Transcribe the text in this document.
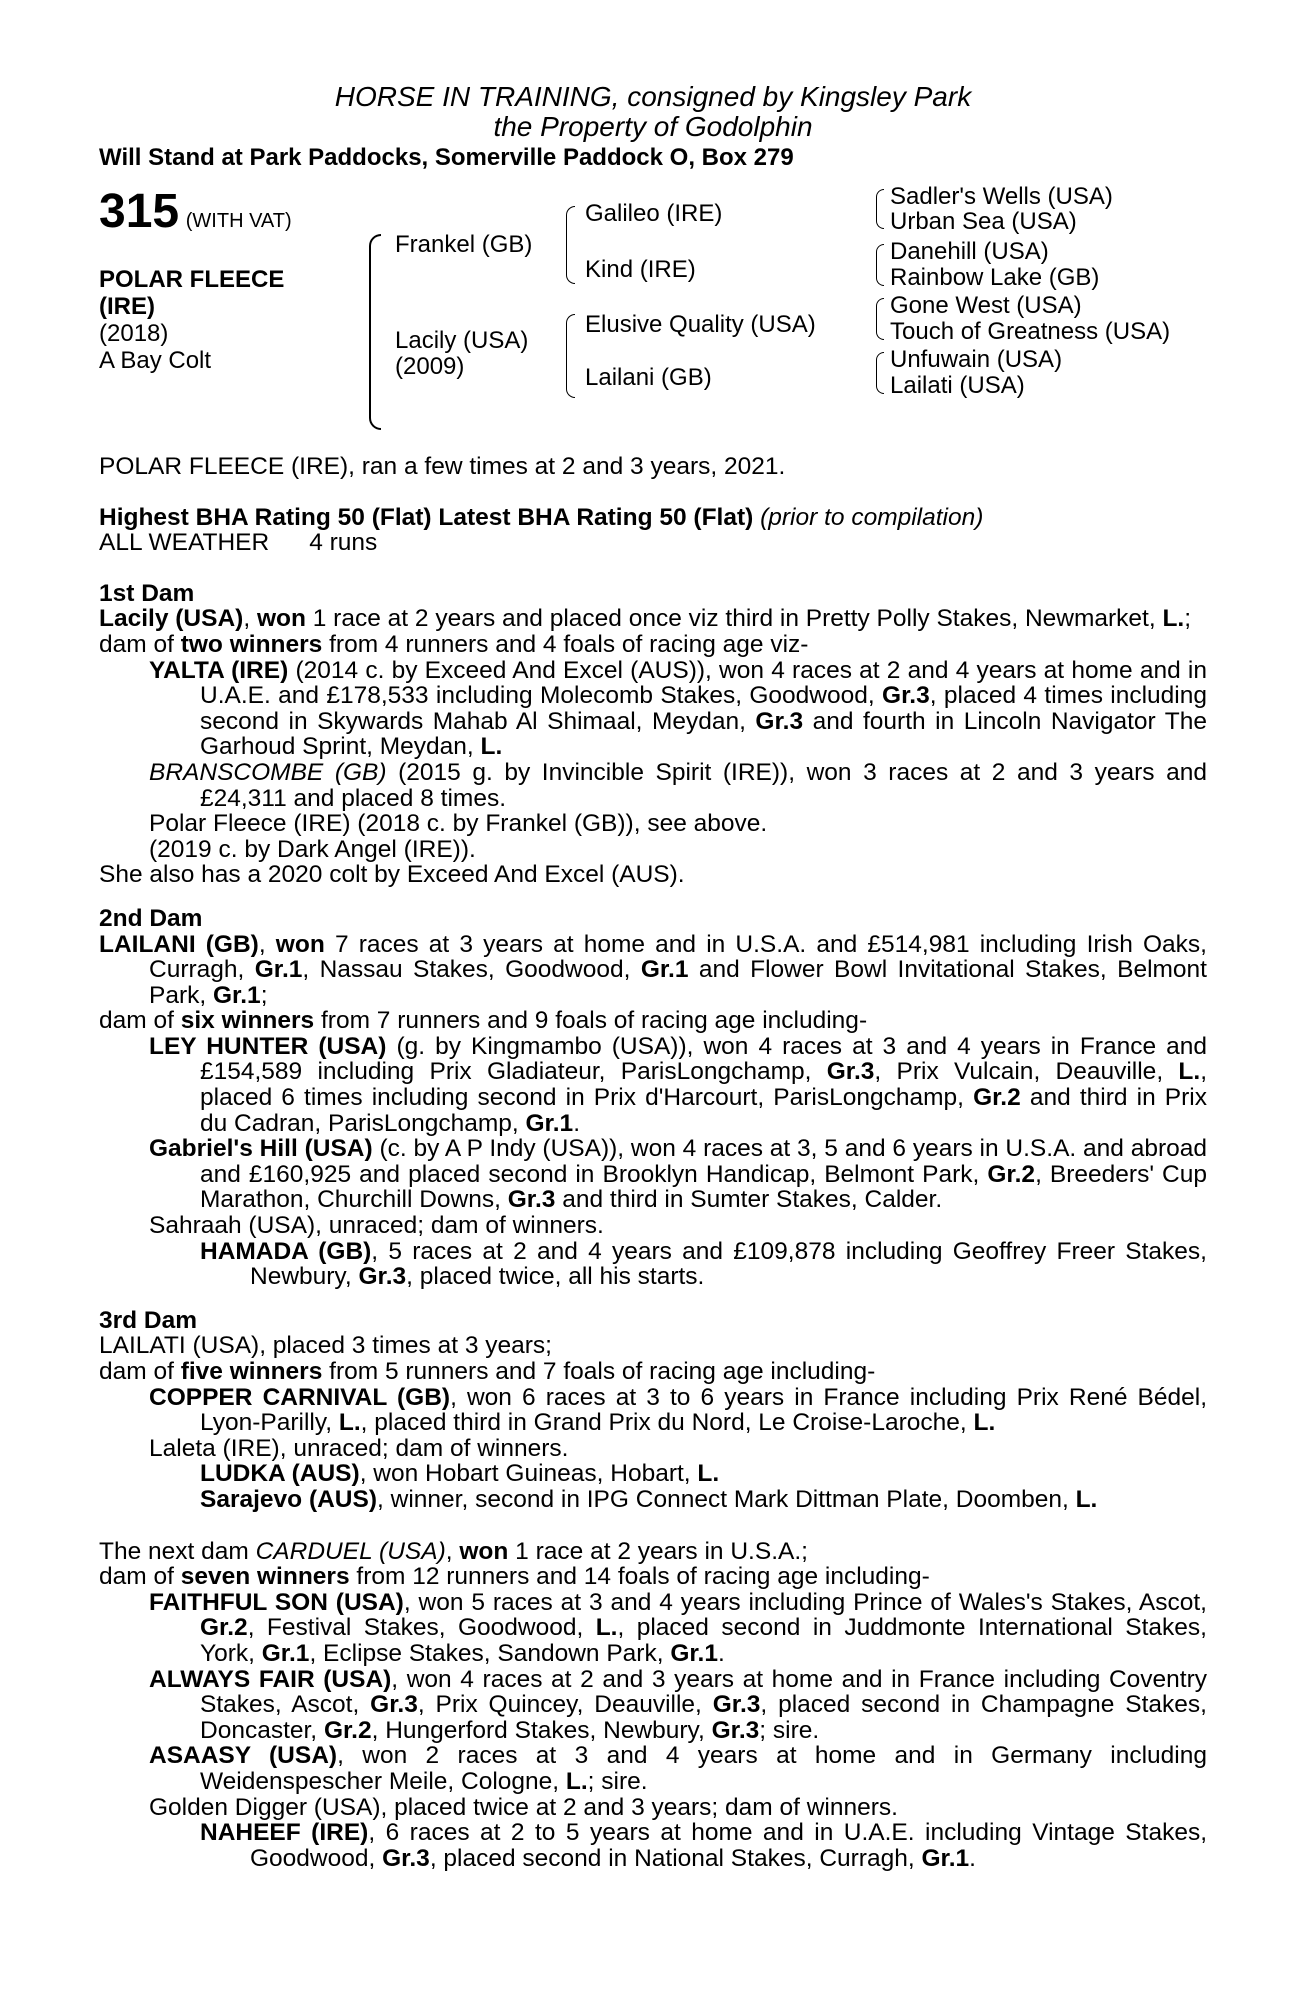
HORSE IN TRAINING, consigned by Kingsley Park
the Property of Godolphin
Will Stand at Park Paddocks, Somerville Paddock O, Box 279
315 (WITH VAT)
POLAR FLEECE
(IRE)
(2018)
A Bay Colt
Frankel (GB)
Lacily (USA)
(2009)
Galileo (IRE)
Kind (IRE)
Elusive Quality (USA)
Lailani (GB)
Sadler's Wells (USA)
Urban Sea (USA)
Danehill (USA)
Rainbow Lake (GB)
Gone West (USA)
Touch of Greatness (USA)
Unfuwain (USA)
Lailati (USA)

POLAR FLEECE (IRE), ran a few times at 2 and 3 years, 2021.

Highest BHA Rating 50 (Flat) Latest BHA Rating 50 (Flat) (prior to compilation)

ALL WEATHER 4 runs

1st Dam

Lacily (USA), won 1 race at 2 years and placed once viz third in Pretty Polly Stakes, Newmarket, L.;

dam of two winners from 4 runners and 4 foals of racing age viz-

YALTA (IRE) (2014 c. by Exceed And Excel (AUS)), won 4 races at 2 and 4 years at home and in U.A.E. and £178,533 including Molecomb Stakes, Goodwood, Gr.3, placed 4 times including second in Skywards Mahab Al Shimaal, Meydan, Gr.3 and fourth in Lincoln Navigator The Garhoud Sprint, Meydan, L.

BRANSCOMBE (GB) (2015 g. by Invincible Spirit (IRE)), won 3 races at 2 and 3 years and £24,311 and placed 8 times.

Polar Fleece (IRE) (2018 c. by Frankel (GB)), see above.

(2019 c. by Dark Angel (IRE)).

She also has a 2020 colt by Exceed And Excel (AUS).

2nd Dam

LAILANI (GB), won 7 races at 3 years at home and in U.S.A. and £514,981 including Irish Oaks, Curragh, Gr.1, Nassau Stakes, Goodwood, Gr.1 and Flower Bowl Invitational Stakes, Belmont Park, Gr.1;

dam of six winners from 7 runners and 9 foals of racing age including-

LEY HUNTER (USA) (g. by Kingmambo (USA)), won 4 races at 3 and 4 years in France and £154,589 including Prix Gladiateur, ParisLongchamp, Gr.3, Prix Vulcain, Deauville, L., placed 6 times including second in Prix d'Harcourt, ParisLongchamp, Gr.2 and third in Prix du Cadran, ParisLongchamp, Gr.1.

Gabriel's Hill (USA) (c. by A P Indy (USA)), won 4 races at 3, 5 and 6 years in U.S.A. and abroad and £160,925 and placed second in Brooklyn Handicap, Belmont Park, Gr.2, Breeders' Cup Marathon, Churchill Downs, Gr.3 and third in Sumter Stakes, Calder.

Sahraah (USA), unraced; dam of winners.

HAMADA (GB), 5 races at 2 and 4 years and £109,878 including Geoffrey Freer Stakes, Newbury, Gr.3, placed twice, all his starts.

3rd Dam

LAILATI (USA), placed 3 times at 3 years;

dam of five winners from 5 runners and 7 foals of racing age including-

COPPER CARNIVAL (GB), won 6 races at 3 to 6 years in France including Prix René Bédel, Lyon-Parilly, L., placed third in Grand Prix du Nord, Le Croise-Laroche, L.

Laleta (IRE), unraced; dam of winners.

LUDKA (AUS), won Hobart Guineas, Hobart, L.

Sarajevo (AUS), winner, second in IPG Connect Mark Dittman Plate, Doomben, L.

The next dam CARDUEL (USA), won 1 race at 2 years in U.S.A.;

dam of seven winners from 12 runners and 14 foals of racing age including-

FAITHFUL SON (USA), won 5 races at 3 and 4 years including Prince of Wales's Stakes, Ascot, Gr.2, Festival Stakes, Goodwood, L., placed second in Juddmonte International Stakes, York, Gr.1, Eclipse Stakes, Sandown Park, Gr.1.

ALWAYS FAIR (USA), won 4 races at 2 and 3 years at home and in France including Coventry Stakes, Ascot, Gr.3, Prix Quincey, Deauville, Gr.3, placed second in Champagne Stakes, Doncaster, Gr.2, Hungerford Stakes, Newbury, Gr.3; sire.

ASAASY (USA), won 2 races at 3 and 4 years at home and in Germany including Weidenspescher Meile, Cologne, L.; sire.

Golden Digger (USA), placed twice at 2 and 3 years; dam of winners.

NAHEEF (IRE), 6 races at 2 to 5 years at home and in U.A.E. including Vintage Stakes, Goodwood, Gr.3, placed second in National Stakes, Curragh, Gr.1.
